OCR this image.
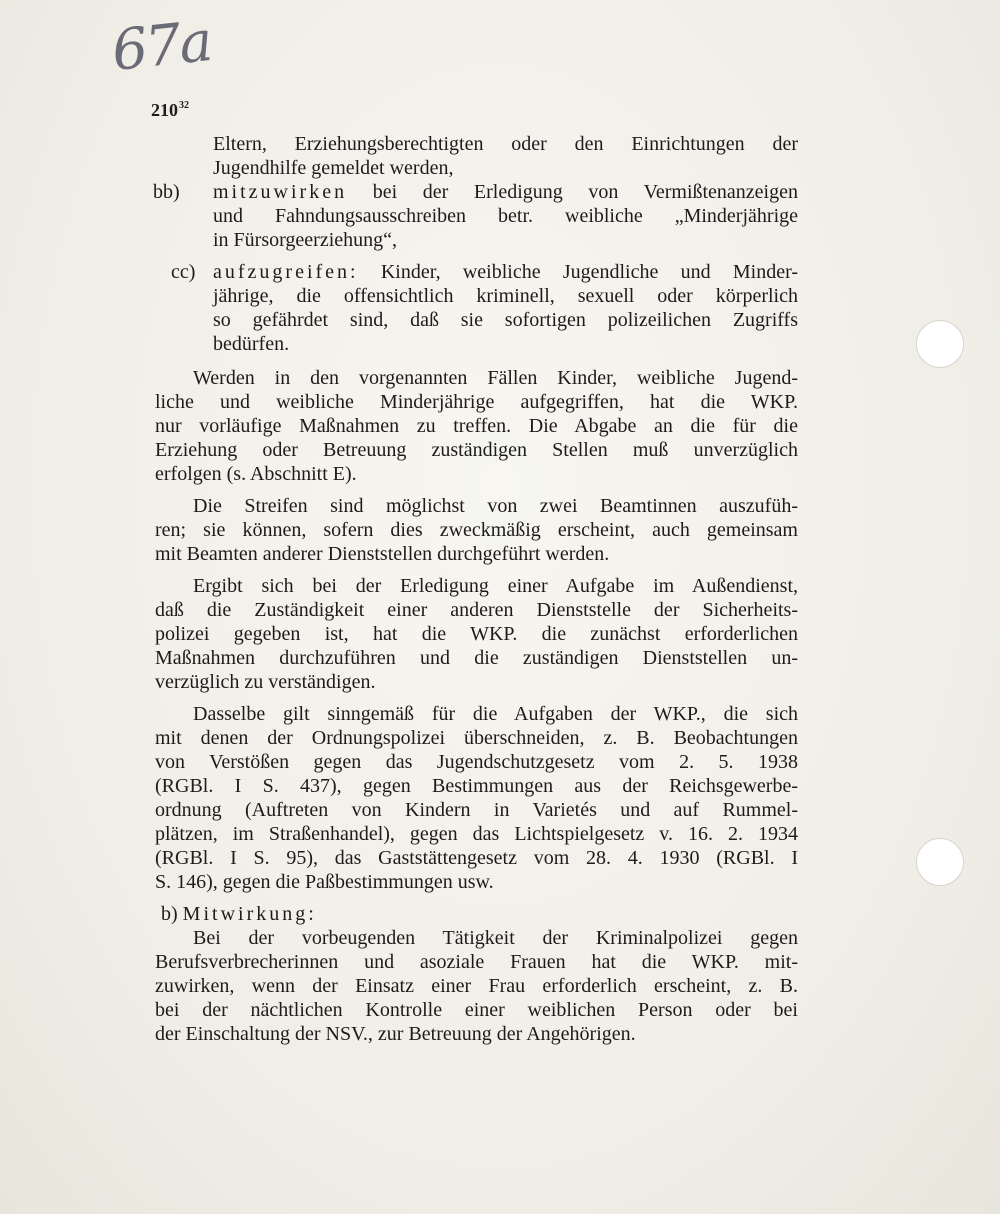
ﾠ

67a
$210^{32}$
Eltern, Erziehungsberechtigten oder den Einrichtungen der
Jugendhilfe gemeldet werden,
bb)	mitzuwirken bei der Erledigung von Vermißtenanzeigen
und Fahndungsausschreiben betr. weibliche „Minderjährige
in Fürsorgeerziehung“,
cc) aufzugreifen: Kinder, weibliche Jugendliche und Minder-
jährige, die offensichtlich kriminell, sexuell oder körperlich
so gefährdet sind, daß sie sofortigen polizeilichen Zugriffs
bedürfen.
Werden in den vorgenannten Fällen Kinder, weibliche Jugend-
liche und weibliche Minderjährige aufgegriffen, hat die WKP.
nur vorläufige Maßnahmen zu treffen. Die Abgabe an die für die
Erziehung oder Betreuung zuständigen Stellen muß unverzüglich
erfolgen (s. Abschnitt E).
Die Streifen sind möglichst von zwei Beamtinnen auszufüh-
ren; sie können, sofern dies zweckmäßig erscheint, auch gemeinsam
mit Beamten anderer Dienststellen durchgeführt werden.
Ergibt sich bei der Erledigung einer Aufgabe im Außendienst,
daß die Zuständigkeit einer anderen Dienststelle der Sicherheits-
polizei gegeben ist, hat die WKP. die zunächst erforderlichen
Maßnahmen durchzuführen und die zuständigen Dienststellen un-
verzüglich zu verständigen.
Dasselbe gilt sinngemäß für die Aufgaben der WKP., die sich
mit denen der Ordnungspolizei überschneiden, z. B. Beobachtungen
von Verstößen gegen das Jugendschutzgesetz vom 2. 5. 1938
(RGBl. I S. 437), gegen Bestimmungen aus der Reichsgewerbe-
ordnung (Auftreten von Kindern in Varietés und auf Rummel-
plätzen, im Straßenhandel), gegen das Lichtspielgesetz v. 16. 2. 1934
(RGBl. I S. 95), das Gaststättengesetz vom 28. 4. 1930 (RGBl. I
S. 146), gegen die Paßbestimmungen usw.
b) Mitwirkung:
Bei der vorbeugenden Tätigkeit der Kriminalpolizei gegen
Berufsverbrecherinnen und asoziale Frauen hat die WKP. mit-
zuwirken, wenn der Einsatz einer Frau erforderlich erscheint, z. B.
bei der nächtlichen Kontrolle einer weiblichen Person oder bei
der Einschaltung der NSV., zur Betreuung der Angehörigen.
